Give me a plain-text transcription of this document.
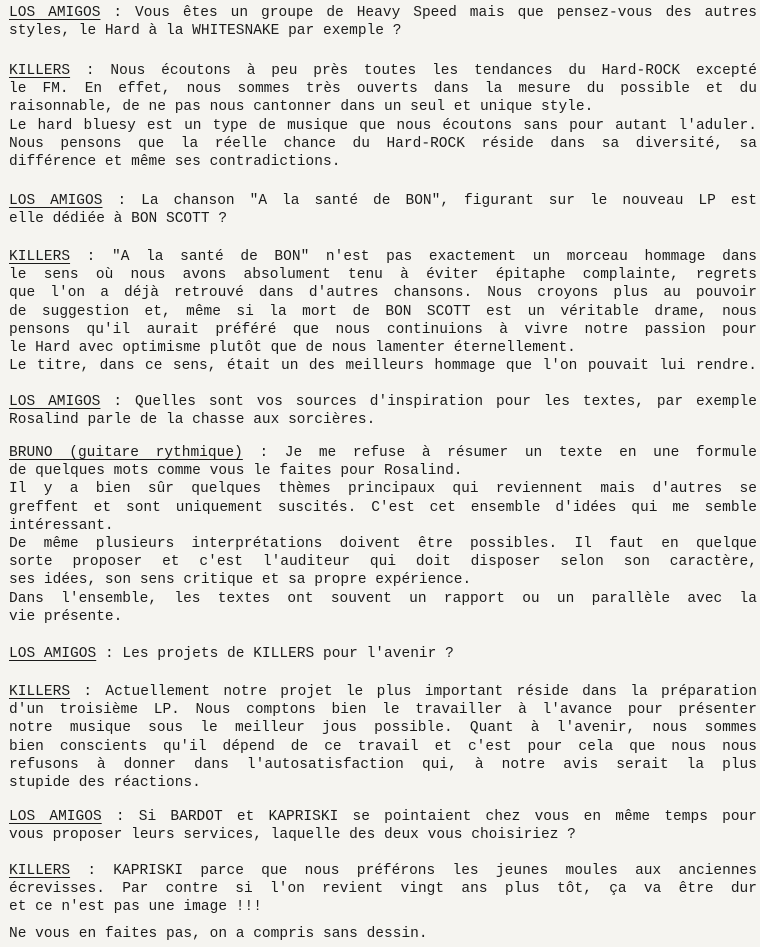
LOS AMIGOS : Vous êtes un groupe de Heavy Speed mais que pensez-vous des autres
styles, le Hard à la WHITESNAKE par exemple ?
KILLERS : Nous écoutons à peu près toutes les tendances du Hard-ROCK excepté
le FM. En effet, nous sommes très ouverts dans la mesure du possible et du
raisonnable, de ne pas nous cantonner dans un seul et unique style.
Le hard bluesy est un type de musique que nous écoutons sans pour autant l'aduler.
Nous pensons que la réelle chance du Hard-ROCK réside dans sa diversité, sa
différence et même ses contradictions.
LOS AMIGOS : La chanson "A la santé de BON", figurant sur le nouveau LP est
elle dédiée à BON SCOTT ?
KILLERS : "A la santé de BON" n'est pas exactement un morceau hommage dans
le sens où nous avons absolument tenu à éviter épitaphe complainte, regrets
que l'on a déjà retrouvé dans d'autres chansons. Nous croyons plus au pouvoir
de suggestion et, même si la mort de BON SCOTT est un véritable drame, nous
pensons qu'il aurait préféré que nous continuions à vivre notre passion pour
le Hard avec optimisme plutôt que de nous lamenter éternellement.
Le titre, dans ce sens, était un des meilleurs hommage que l'on pouvait lui rendre.
LOS AMIGOS : Quelles sont vos sources d'inspiration pour les textes, par exemple
Rosalind parle de la chasse aux sorcières.
BRUNO (guitare rythmique) : Je me refuse à résumer un texte en une formule
de quelques mots comme vous le faites pour Rosalind.
Il y a bien sûr quelques thèmes principaux qui reviennent mais d'autres se
greffent et sont uniquement suscités. C'est cet ensemble d'idées qui me semble
intéressant.
De même plusieurs interprétations doivent être possibles. Il faut en quelque
sorte proposer et c'est l'auditeur qui doit disposer selon son caractère,
ses idées, son sens critique et sa propre expérience.
Dans l'ensemble, les textes ont souvent un rapport ou un parallèle avec la
vie présente.
LOS AMIGOS : Les projets de KILLERS pour l'avenir ?
KILLERS : Actuellement notre projet le plus important réside dans la préparation
d'un troisième LP. Nous comptons bien le travailler à l'avance pour présenter
notre musique sous le meilleur jous possible. Quant à l'avenir, nous sommes
bien conscients qu'il dépend de ce travail et c'est pour cela que nous nous
refusons à donner dans l'autosatisfaction qui, à notre avis serait la plus
stupide des réactions.
LOS AMIGOS : Si BARDOT et KAPRISKI se pointaient chez vous en même temps pour
vous proposer leurs services, laquelle des deux vous choisiriez ?
KILLERS : KAPRISKI parce que nous préférons les jeunes moules aux anciennes
écrevisses. Par contre si l'on revient vingt ans plus tôt, ça va être dur
et ce n'est pas une image !!!
Ne vous en faites pas, on a compris sans dessin.
